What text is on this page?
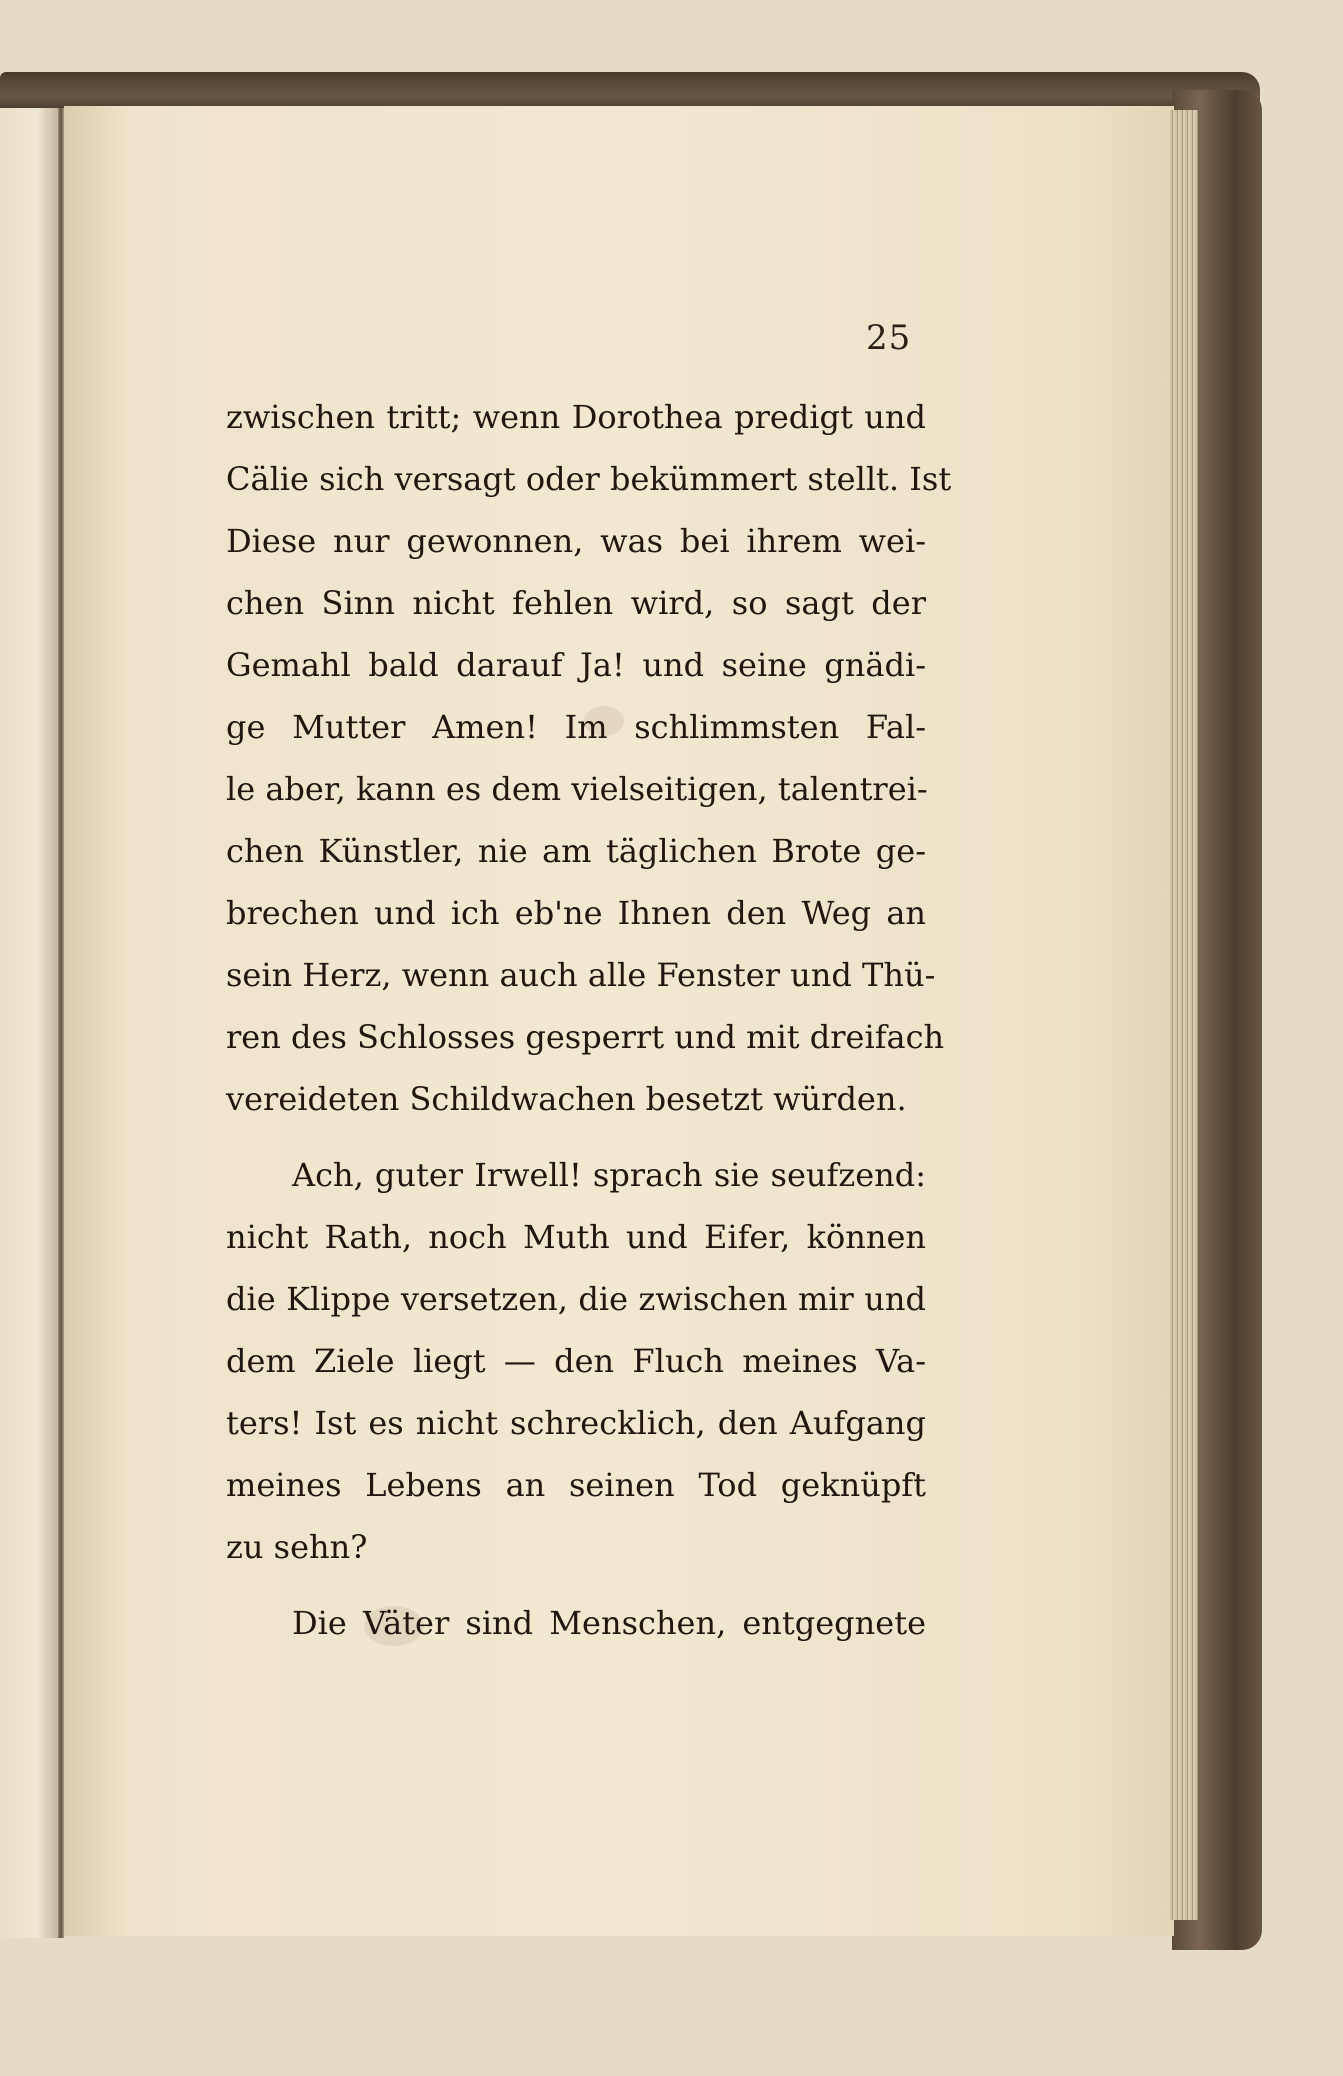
25
zwischen tritt; wenn Dorothea predigt und
Cälie sich versagt oder bekümmert stellt. Ist
Diese nur gewonnen, was bei ihrem wei-
chen Sinn nicht fehlen wird, so sagt der
Gemahl bald darauf Ja! und seine gnädi-
ge Mutter Amen! Im schlimmsten Fal-
le aber, kann es dem vielseitigen, talentrei-
chen Künstler, nie am täglichen Brote ge-
brechen und ich eb'ne Ihnen den Weg an
sein Herz, wenn auch alle Fenster und Thü-
ren des Schlosses gesperrt und mit dreifach
vereideten Schildwachen besetzt würden.
Ach, guter Irwell! sprach sie seufzend:
nicht Rath, noch Muth und Eifer, können
die Klippe versetzen, die zwischen mir und
dem Ziele liegt — den Fluch meines Va-
ters! Ist es nicht schrecklich, den Aufgang
meines Lebens an seinen Tod geknüpft
zu sehn?
Die Väter sind Menschen, entgegnete
